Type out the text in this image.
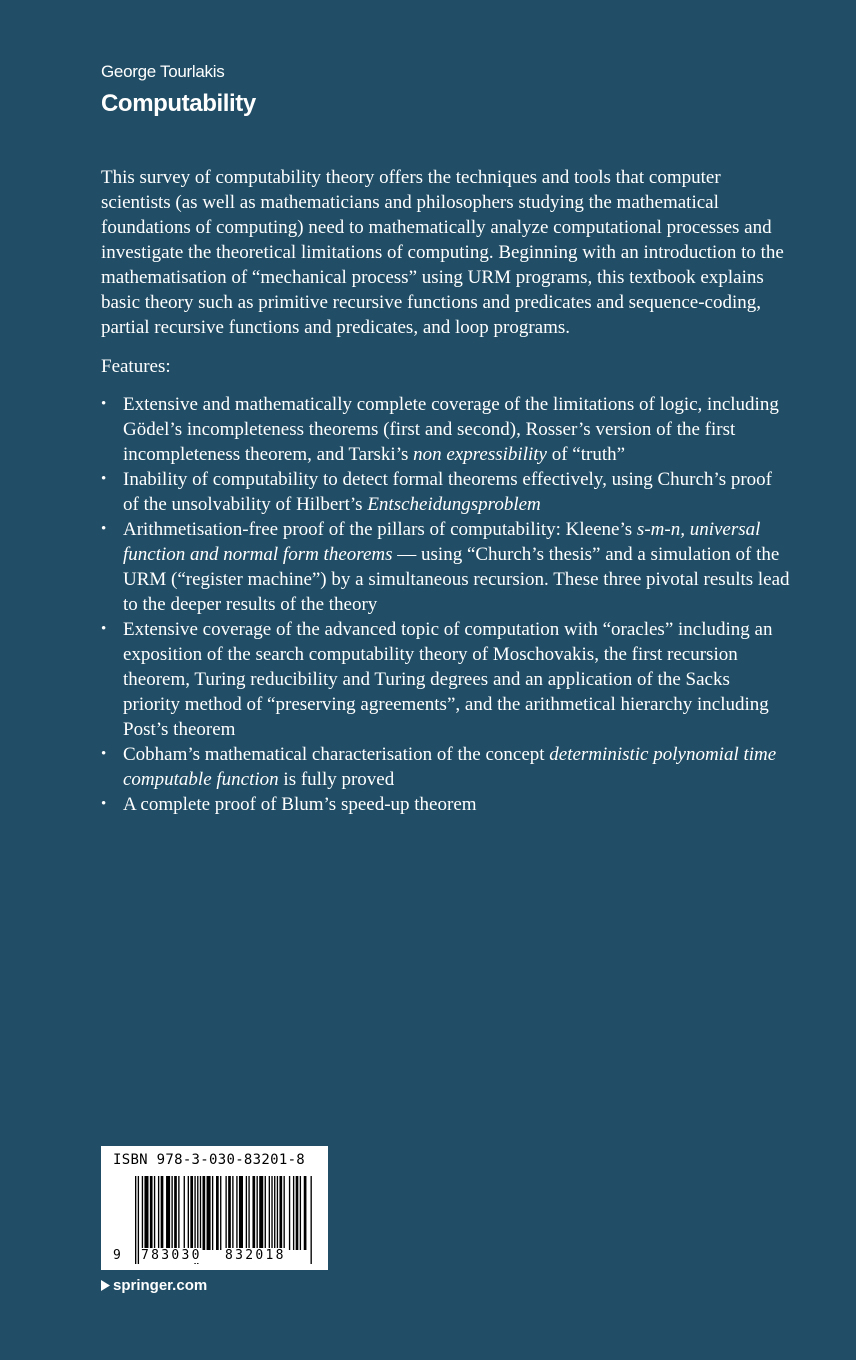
George Tourlakis
Computability

This survey of computability theory offers the techniques and tools that computer scientists (as well as mathematicians and philosophers studying the mathematical foundations of computing) need to mathematically analyze computational processes and investigate the theoretical limitations of computing. Beginning with an introduction to the mathematisation of “mechanical process” using URM programs, this textbook explains basic theory such as primitive recursive functions and predicates and sequence-coding, partial recursive functions and predicates, and loop programs.

Features:

• Extensive and mathematically complete coverage of the limitations of logic, including Gödel’s incompleteness theorems (first and second), Rosser’s version of the first incompleteness theorem, and Tarski’s non expressibility of “truth”
• Inability of computability to detect formal theorems effectively, using Church’s proof of the unsolvability of Hilbert’s Entscheidungsproblem
• Arithmetisation-free proof of the pillars of computability: Kleene’s s-m-n, universal function and normal form theorems — using “Church’s thesis” and a simulation of the URM (“register machine”) by a simultaneous recursion. These three pivotal results lead to the deeper results of the theory
• Extensive coverage of the advanced topic of computation with “oracles” including an exposition of the search computability theory of Moschovakis, the first recursion theorem, Turing reducibility and Turing degrees and an application of the Sacks priority method of “preserving agreements”, and the arithmetical hierarchy including Post’s theorem
• Cobham’s mathematical characterisation of the concept deterministic polynomial time computable function is fully proved
• A complete proof of Blum’s speed-up theorem
ISBN 978-3-030-83201-8
9 783030 832018
springer.com
